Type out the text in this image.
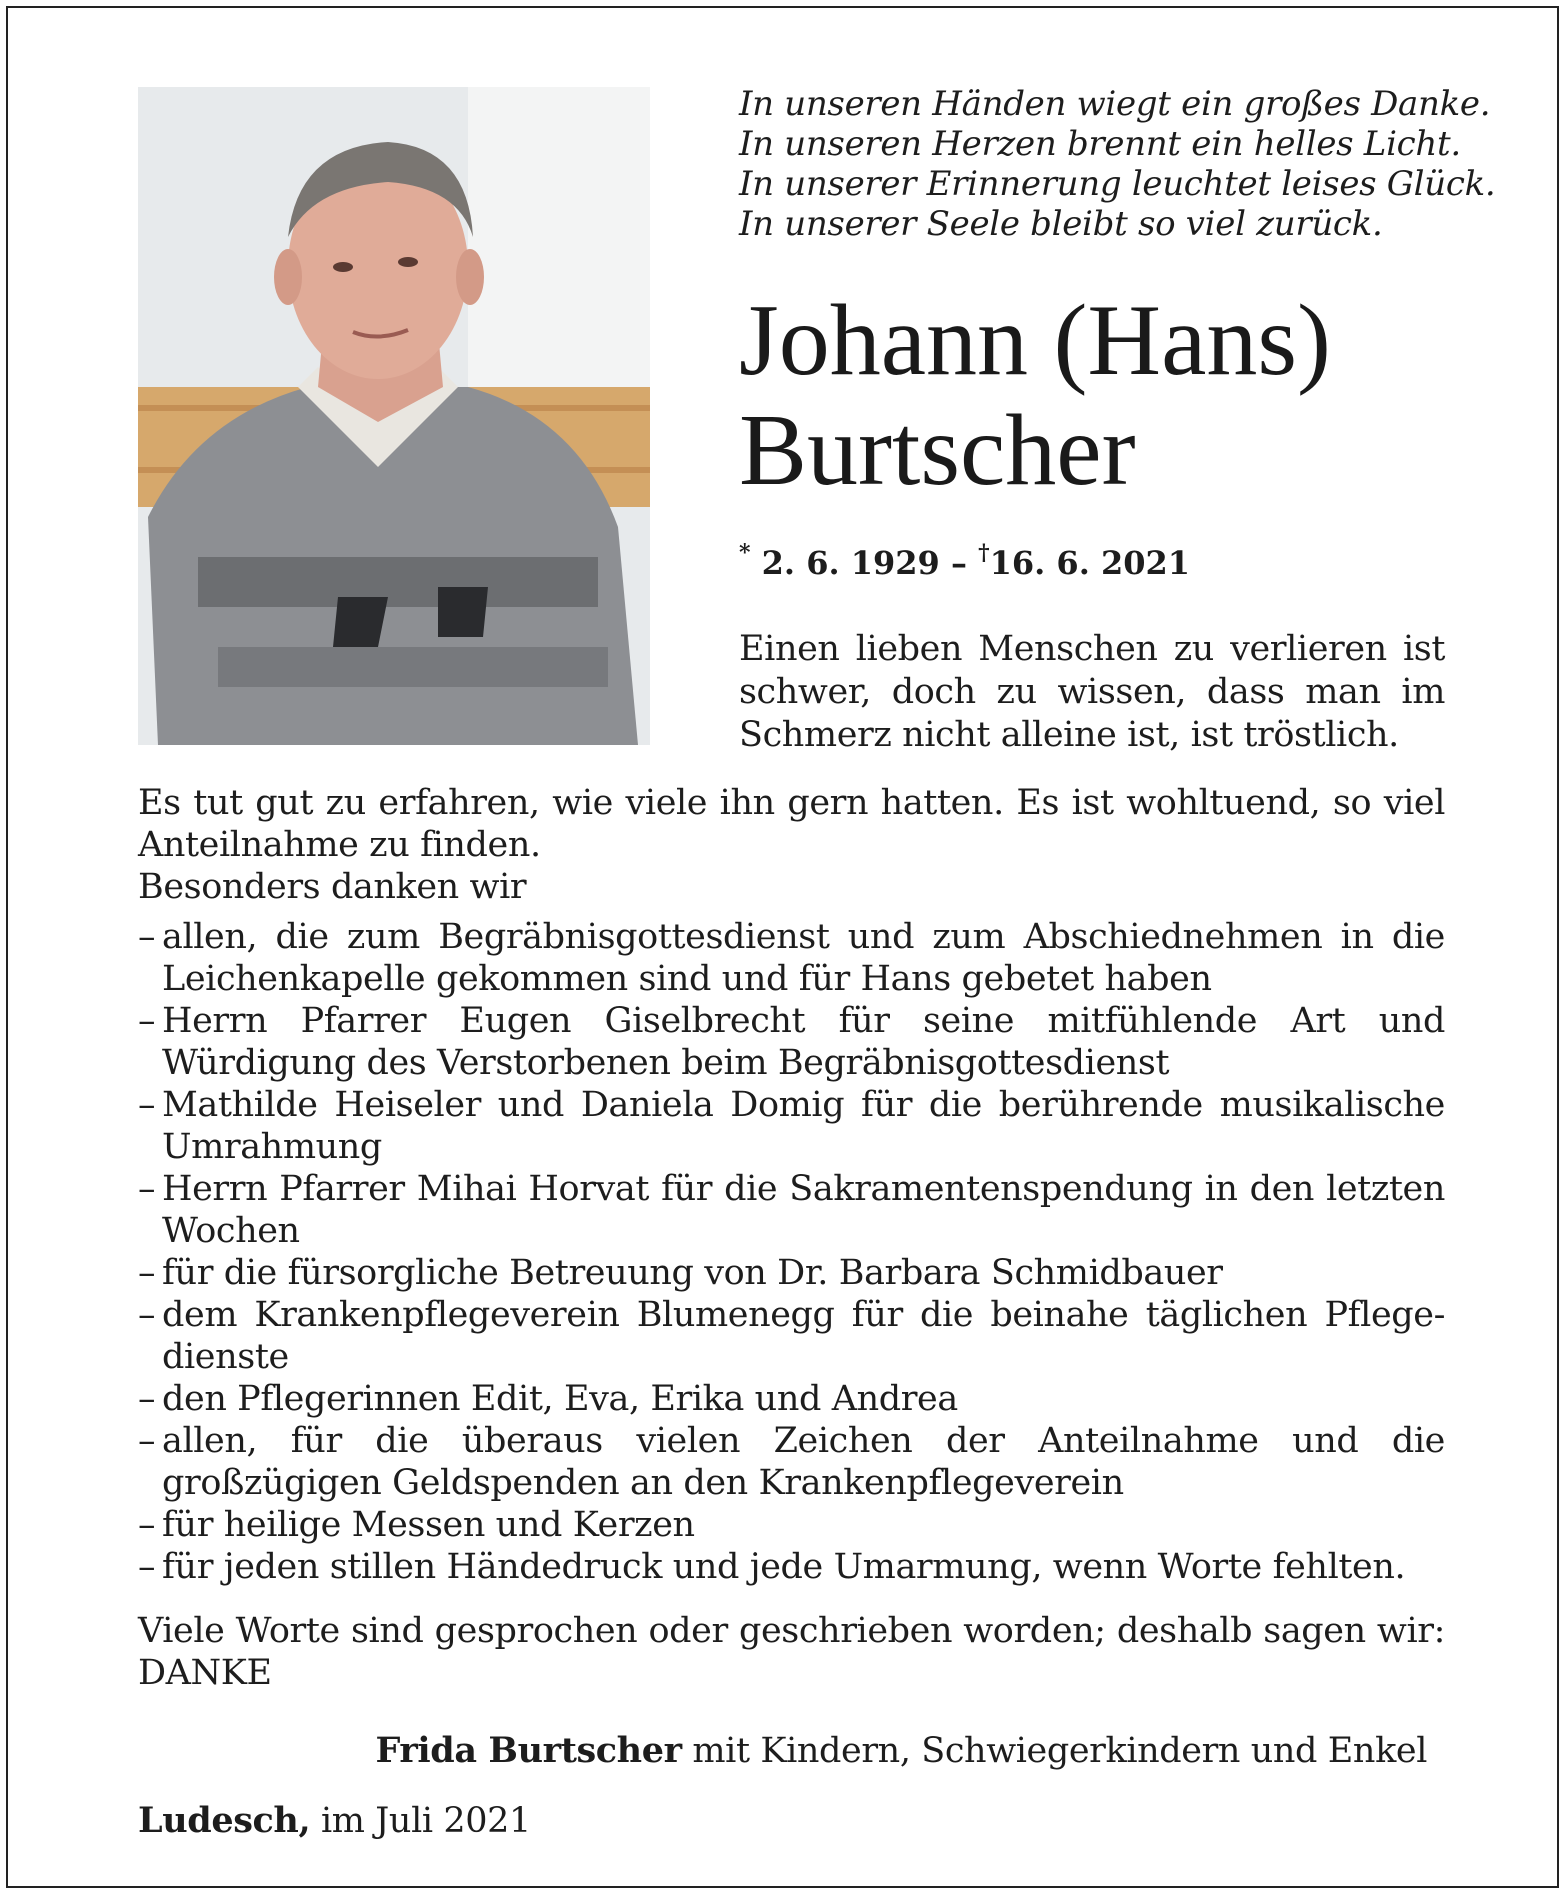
In unseren Händen wiegt ein großes Danke.
In unseren Herzen brennt ein helles Licht.
In unserer Erinnerung leuchtet leises Glück.
In unserer Seele bleibt so viel zurück.
Johann (Hans)
Burtscher
* 2. 6. 1929 – †16. 6. 2021
Einen lieben Menschen zu verlieren ist schwer, doch zu wissen, dass man im Schmerz nicht alleine ist, ist tröstlich.

Es tut gut zu erfahren, wie viele ihn gern hatten. Es ist wohltuend, so viel Anteilnahme zu finden.
Besonders danken wir

– allen, die zum Begräbnisgottesdienst und zum Abschiednehmen in die Leichenkapelle gekommen sind und für Hans gebetet haben
– Herrn Pfarrer Eugen Giselbrecht für seine mitfühlende Art und Würdigung des Verstorbenen beim Begräbnisgottesdienst
– Mathilde Heiseler und Daniela Domig für die berührende musikalische Umrahmung
– Herrn Pfarrer Mihai Horvat für die Sakramentenspendung in den letzten Wochen
– für die fürsorgliche Betreuung von Dr. Barbara Schmidbauer
– dem Krankenpflegeverein Blumenegg für die beinahe täglichen Pflege-dienste
– den Pflegerinnen Edit, Eva, Erika und Andrea
– allen, für die überaus vielen Zeichen der Anteilnahme und die großzügigen Geldspenden an den Krankenpflegeverein
– für heilige Messen und Kerzen
– für jeden stillen Händedruck und jede Umarmung, wenn Worte fehlten.

Viele Worte sind gesprochen oder geschrieben worden; deshalb sagen wir: DANKE

Frida Burtscher mit Kindern, Schwiegerkindern und Enkel
Ludesch, im Juli 2021
